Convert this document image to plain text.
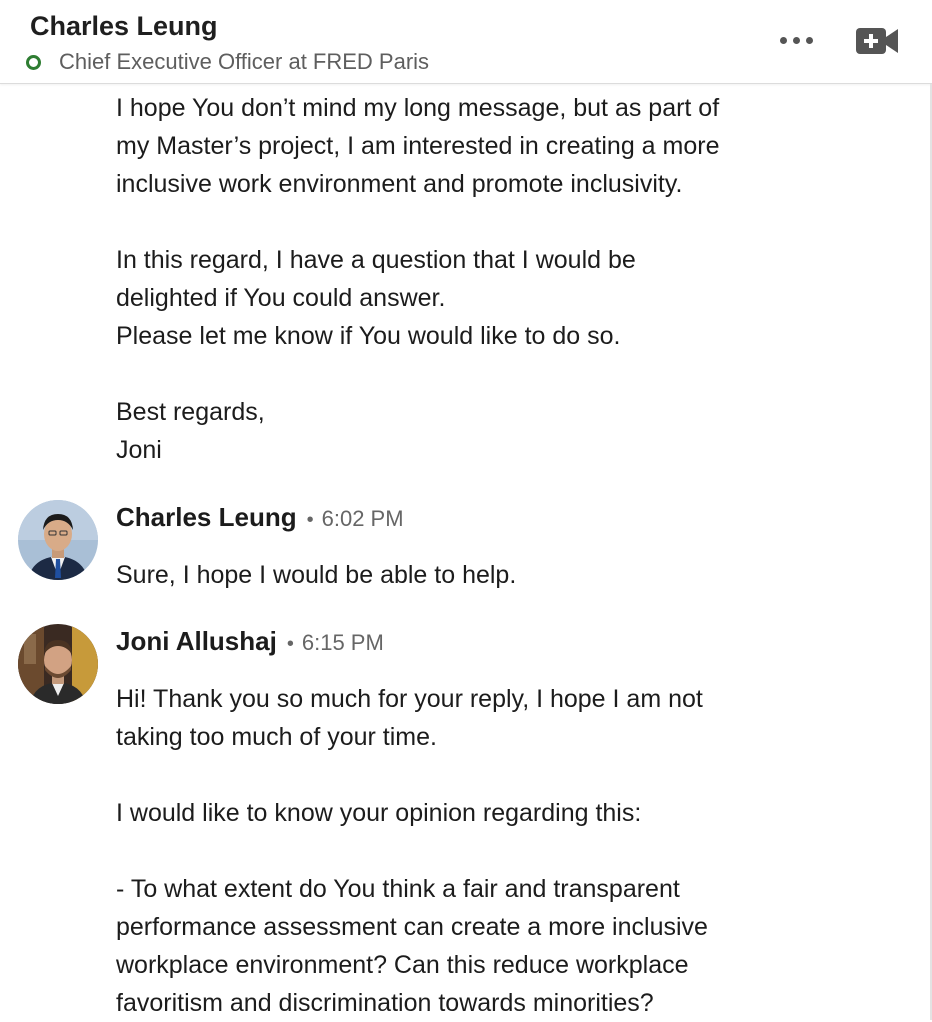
Charles Leung
Chief Executive Officer at FRED Paris
I hope You don’t mind my long message, but as part of
my Master’s project, I am interested in creating a more
inclusive work environment and promote inclusivity.

In this regard, I have a question that I would be
delighted if You could answer.
Please let me know if You would like to do so.

Best regards,
Joni
Charles Leung • 6:02 PM
Sure, I hope I would be able to help.
Joni Allushaj • 6:15 PM
Hi! Thank you so much for your reply, I hope I am not
taking too much of your time.

I would like to know your opinion regarding this:

- To what extent do You think a fair and transparent
performance assessment can create a more inclusive
workplace environment? Can this reduce workplace
favoritism and discrimination towards minorities?
